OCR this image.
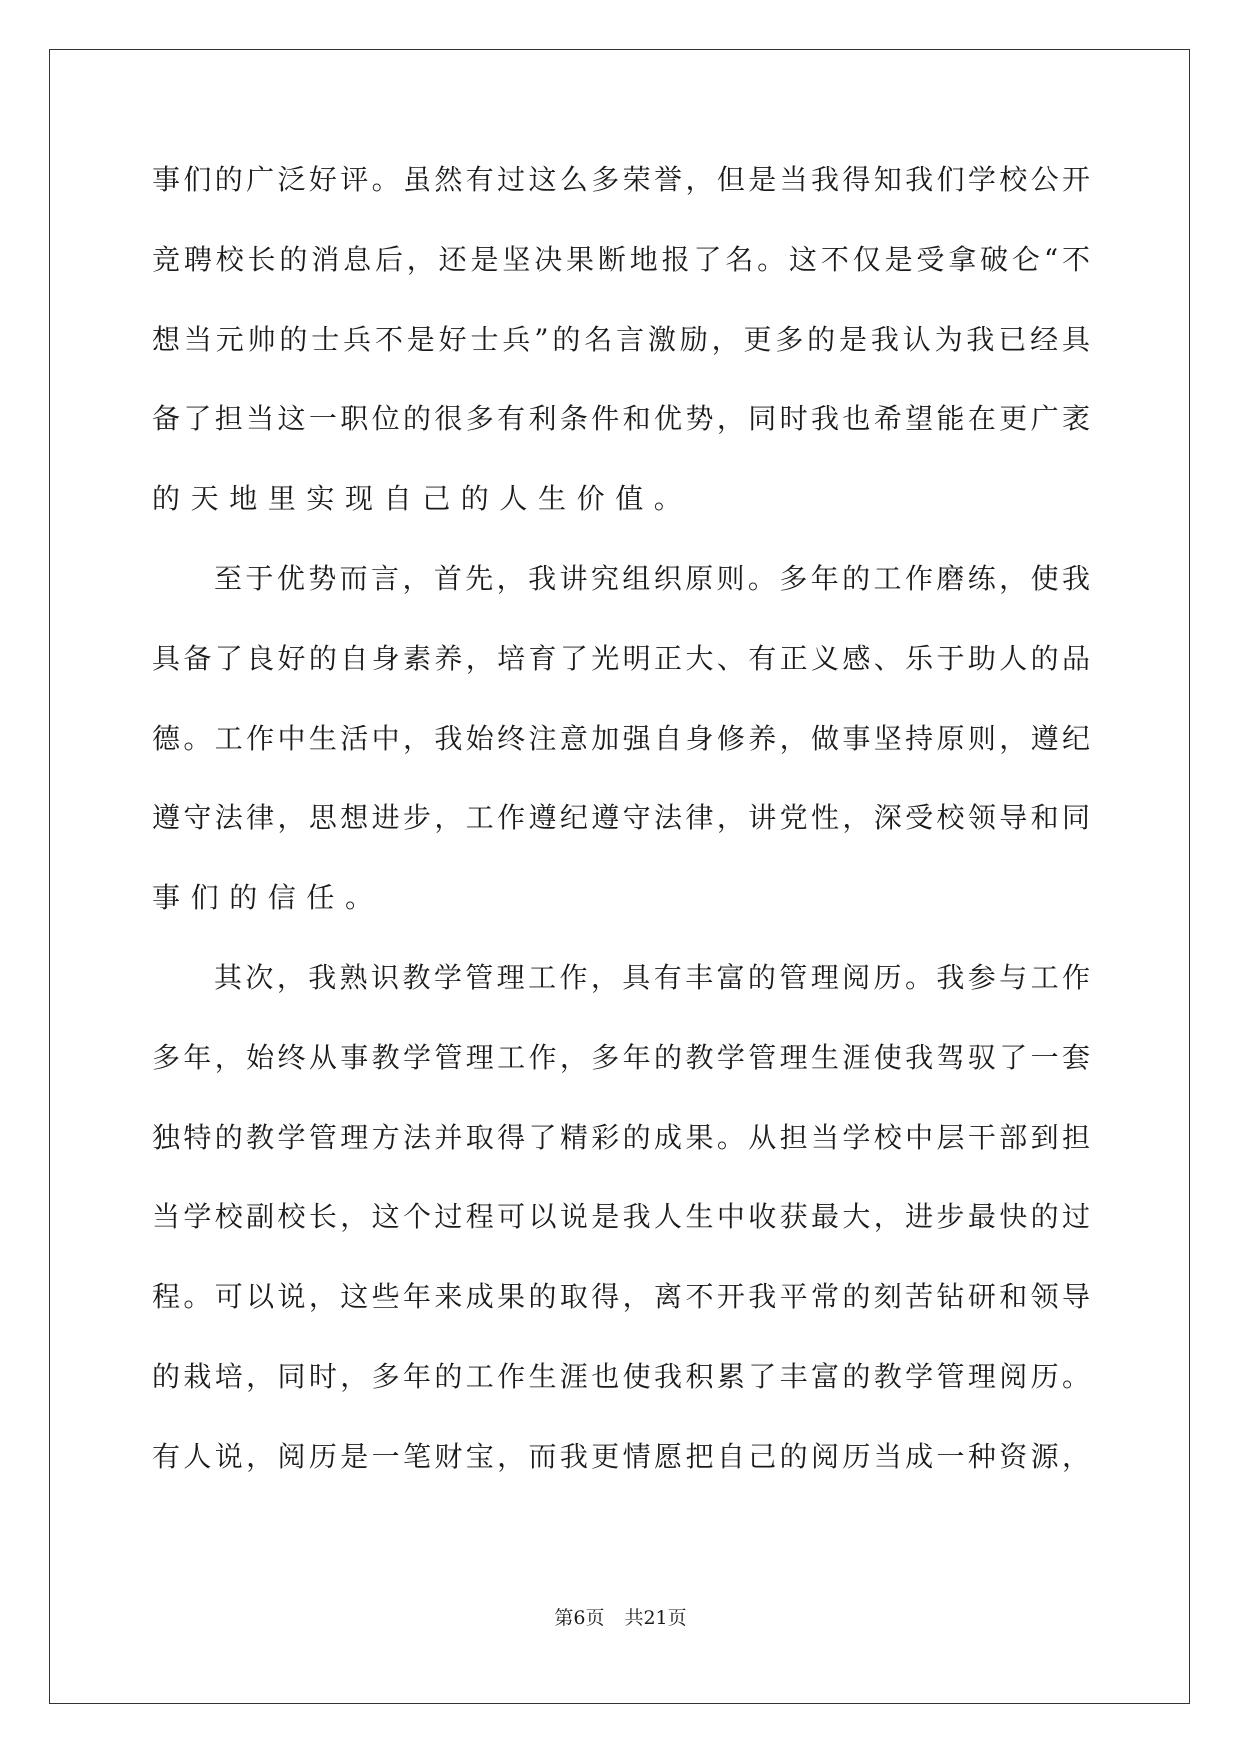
事们的广泛好评。虽然有过这么多荣誉，但是当我得知我们学校公开
竞聘校长的消息后，还是坚决果断地报了名。这不仅是受拿破仑“不
想当元帅的士兵不是好士兵”的名言激励，更多的是我认为我已经具
备了担当这一职位的很多有利条件和优势，同时我也希望能在更广袤
的天地里实现自己的人生价值。
至于优势而言，首先，我讲究组织原则。多年的工作磨练，使我
具备了良好的自身素养，培育了光明正大、有正义感、乐于助人的品
德。工作中生活中，我始终注意加强自身修养，做事坚持原则，遵纪
遵守法律，思想进步，工作遵纪遵守法律，讲党性，深受校领导和同
事们的信任。
其次，我熟识教学管理工作，具有丰富的管理阅历。我参与工作
多年，始终从事教学管理工作，多年的教学管理生涯使我驾驭了一套
独特的教学管理方法并取得了精彩的成果。从担当学校中层干部到担
当学校副校长，这个过程可以说是我人生中收获最大，进步最快的过
程。可以说，这些年来成果的取得，离不开我平常的刻苦钻研和领导
的栽培，同时，多年的工作生涯也使我积累了丰富的教学管理阅历。
有人说，阅历是一笔财宝，而我更情愿把自己的阅历当成一种资源，
第6页 共21页
